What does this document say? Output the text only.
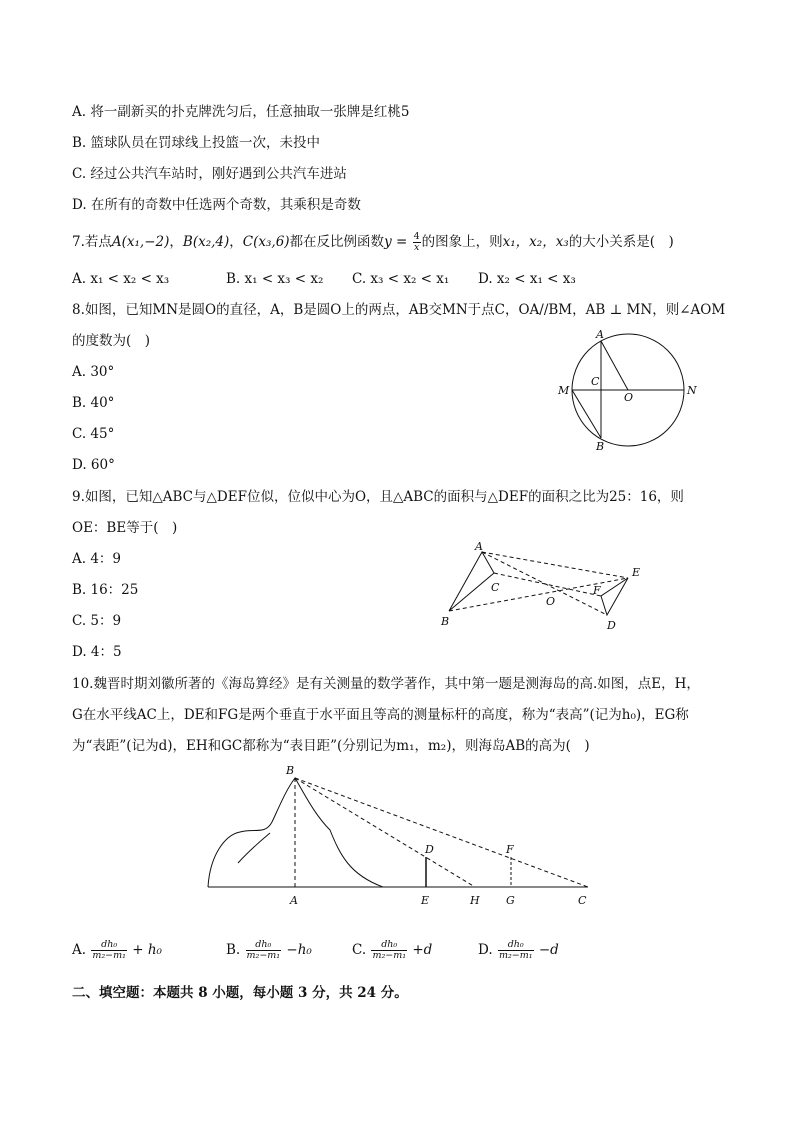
A. 将一副新买的扑克牌洗匀后，任意抽取一张牌是红桃5
B. 篮球队员在罚球线上投篮一次，未投中
C. 经过公共汽车站时，刚好遇到公共汽车进站
D. 在所有的奇数中任选两个奇数，其乘积是奇数
7.若点A(x₁,−2)，B(x₂,4)，C(x₃,6)都在反比例函数$y = \frac{4}{x}$ 的图象上，则x₁，x₂，x₃的大小关系是(　)
A. x₁ < x₂ < x₃	B. x₁ < x₃ < x₂ C. x₃ < x₂ < x₁ D. x₂ < x₁ < x₃
8.如图，已知MN是圆O的直径，A，B是圆O上的两点，AB交MN于点C，OA//BM，AB ⊥ MN，则∠AOM
的度数为(　)
A. 30°
B. 40°
C. 45°
D. 60°
A
B
C
O
M	N
9.如图，已知△ABC与△DEF位似，位似中心为O，且△ABC的面积与△DEF的面积之比为25：16，则
OE：BE等于(　)
A. 4：9
B. 16：25
C. 5：9
D. 4：5
A
B
C
O
F
E
D
10.魏晋时期刘徽所著的《海岛算经》是有关测量的数学著作，其中第一题是测海岛的高.如图，点E，H，
G在水平线AC上，DE和FG是两个垂直于水平面且等高的测量标杆的高度，称为“表高”(记为h₀)，EG称
为“表距”(记为d)，EH和GC都称为“表目距”(分别记为m₁，m₂)，则海岛AB的高为(　)
B
A
D
E	H
F
G	C
A. $\frac{\text{dh₀}}{\text{m₂−m₁}} + h_0$	B. $\frac{\text{dh₀}}{\text{m₂−m₁}} -h_0$	C. $\frac{\text{dh₀}}{\text{m₂−m₁}} +d$	D. $\frac{\text{dh₀}}{\text{m₂−m₁}} -d$
二、填空题：本题共 8 小题，每小题 3 分，共 24 分。
